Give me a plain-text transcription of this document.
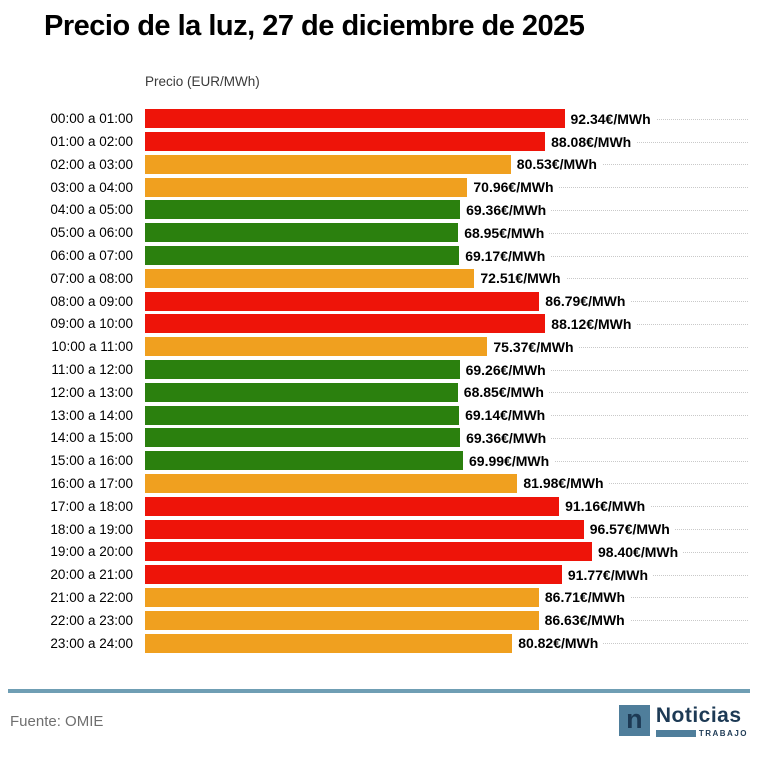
Precio de la luz, 27 de diciembre de 2025
Precio (EUR/MWh)
00:00 a 01:00	92.34€/MWh
01:00 a 02:00	88.08€/MWh
02:00 a 03:00	80.53€/MWh
03:00 a 04:00	70.96€/MWh
04:00 a 05:00	69.36€/MWh
05:00 a 06:00	68.95€/MWh
06:00 a 07:00	69.17€/MWh
07:00 a 08:00	72.51€/MWh
08:00 a 09:00	86.79€/MWh
09:00 a 10:00	88.12€/MWh
10:00 a 11:00	75.37€/MWh
11:00 a 12:00	69.26€/MWh
12:00 a 13:00	68.85€/MWh
13:00 a 14:00	69.14€/MWh
14:00 a 15:00	69.36€/MWh
15:00 a 16:00	69.99€/MWh
16:00 a 17:00	81.98€/MWh
17:00 a 18:00	91.16€/MWh
18:00 a 19:00	96.57€/MWh
19:00 a 20:00	98.40€/MWh
20:00 a 21:00	91.77€/MWh
21:00 a 22:00	86.71€/MWh
22:00 a 23:00	86.63€/MWh
23:00 a 24:00	80.82€/MWh
Fuente: OMIE	n Noticias
TRABAJO
